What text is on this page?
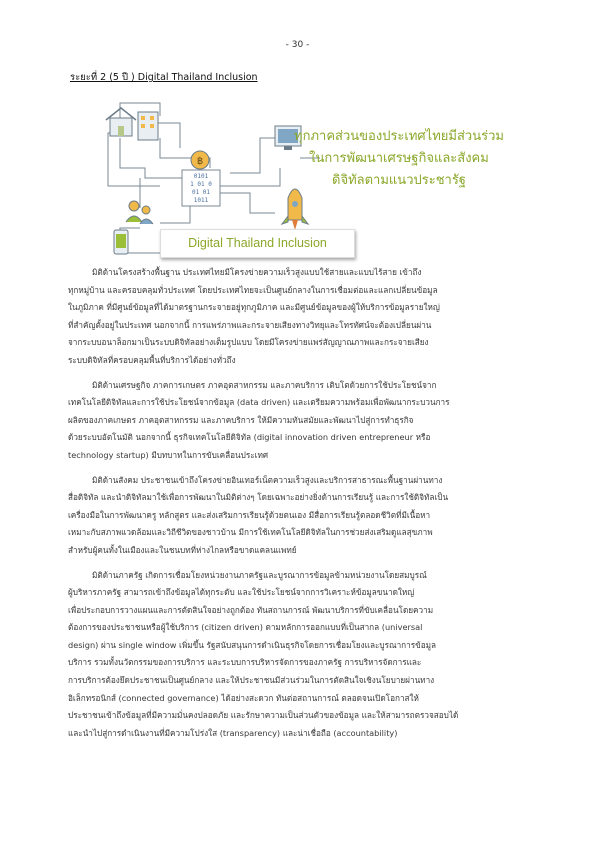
- 30 -
ระยะที่ 2 (5 ปี ) Digital Thailand Inclusion
฿
0101
1 01 0
01 01
1011
ทุกภาคส่วนของประเทศไทยมีส่วนร่วม
ในการพัฒนาเศรษฐกิจและสังคม
ดิจิทัลตามแนวประชารัฐ
Digital Thailand Inclusion
มิติด้านโครงสร้างพื้นฐาน ประเทศไทยมีโครงข่ายความเร็วสูงแบบใช้สายและแบบไร้สาย เข้าถึง
ทุกหมู่บ้าน และครอบคลุมทั่วประเทศ โดยประเทศไทยจะเป็นศูนย์กลางในการเชื่อมต่อและแลกเปลี่ยนข้อมูล
ในภูมิภาค ที่มีศูนย์ข้อมูลที่ได้มาตรฐานกระจายอยู่ทุกภูมิภาค และมีศูนย์ข้อมูลของผู้ให้บริการข้อมูลรายใหญ่
ที่สำคัญตั้งอยู่ในประเทศ นอกจากนี้ การแพร่ภาพและกระจายเสียงทางวิทยุและโทรทัศน์จะต้องเปลี่ยนผ่าน
จากระบบอนาล็อกมาเป็นระบบดิจิทัลอย่างเต็มรูปแบบ โดยมีโครงข่ายแพร่สัญญาณภาพและกระจายเสียง
ระบบดิจิทัลที่ครอบคลุมพื้นที่บริการได้อย่างทั่วถึง
มิติด้านเศรษฐกิจ ภาคการเกษตร ภาคอุตสาหกรรม และภาคบริการ เติบโตด้วยการใช้ประโยชน์จาก
เทคโนโลยีดิจิทัลและการใช้ประโยชน์จากข้อมูล (data driven) และเตรียมความพร้อมเพื่อพัฒนากระบวนการ
ผลิตของภาคเกษตร ภาคอุตสาหกรรม และภาคบริการ ให้มีความทันสมัยและพัฒนาไปสู่การทำธุรกิจ
ด้วยระบบอัตโนมัติ นอกจากนี้ ธุรกิจเทคโนโลยีดิจิทัล (digital innovation driven entrepreneur หรือ
technology startup) มีบทบาทในการขับเคลื่อนประเทศ
มิติด้านสังคม ประชาชนเข้าถึงโครงข่ายอินเทอร์เน็ตความเร็วสูงและบริการสาธารณะพื้นฐานผ่านทาง
สื่อดิจิทัล และนำดิจิทัลมาใช้เพื่อการพัฒนาในมิติต่างๆ โดยเฉพาะอย่างยิ่งด้านการเรียนรู้ และการใช้ดิจิทัลเป็น
เครื่องมือในการพัฒนาครู หลักสูตร และส่งเสริมการเรียนรู้ด้วยตนเอง มีสื่อการเรียนรู้ตลอดชีวิตที่มีเนื้อหา
เหมาะกับสภาพแวดล้อมและวิถีชีวิตของชาวบ้าน มีการใช้เทคโนโลยีดิจิทัลในการช่วยส่งเสริมดูแลสุขภาพ
สำหรับผู้คนทั้งในเมืองและในชนบทที่ห่างไกลหรือขาดแคลนแพทย์
มิติด้านภาครัฐ เกิดการเชื่อมโยงหน่วยงานภาครัฐและบูรณาการข้อมูลข้ามหน่วยงานโดยสมบูรณ์
ผู้บริหารภาครัฐ สามารถเข้าถึงข้อมูลได้ทุกระดับ และใช้ประโยชน์จากการวิเคราะห์ข้อมูลขนาดใหญ่
เพื่อประกอบการวางแผนและการตัดสินใจอย่างถูกต้อง ทันสถานการณ์ พัฒนาบริการที่ขับเคลื่อนโดยความ
ต้องการของประชาชนหรือผู้ใช้บริการ (citizen driven) ตามหลักการออกแบบที่เป็นสากล (universal
design) ผ่าน single window เพิ่มขึ้น รัฐสนับสนุนการดำเนินธุรกิจโดยการเชื่อมโยงและบูรณาการข้อมูล
บริการ รวมทั้งนวัตกรรมของการบริการ และระบบการบริหารจัดการของภาครัฐ การบริหารจัดการและ
การบริการต้องยึดประชาชนเป็นศูนย์กลาง และให้ประชาชนมีส่วนร่วมในการตัดสินใจเชิงนโยบายผ่านทาง
อิเล็กทรอนิกส์ (connected governance) ได้อย่างสะดวก ทันต่อสถานการณ์ ตลอดจนเปิดโอกาสให้
ประชาชนเข้าถึงข้อมูลที่มีความมั่นคงปลอดภัย และรักษาความเป็นส่วนตัวของข้อมูล และให้สามารถตรวจสอบได้
และนำไปสู่การดำเนินงานที่มีความโปร่งใส (transparency) และน่าเชื่อถือ (accountability)
